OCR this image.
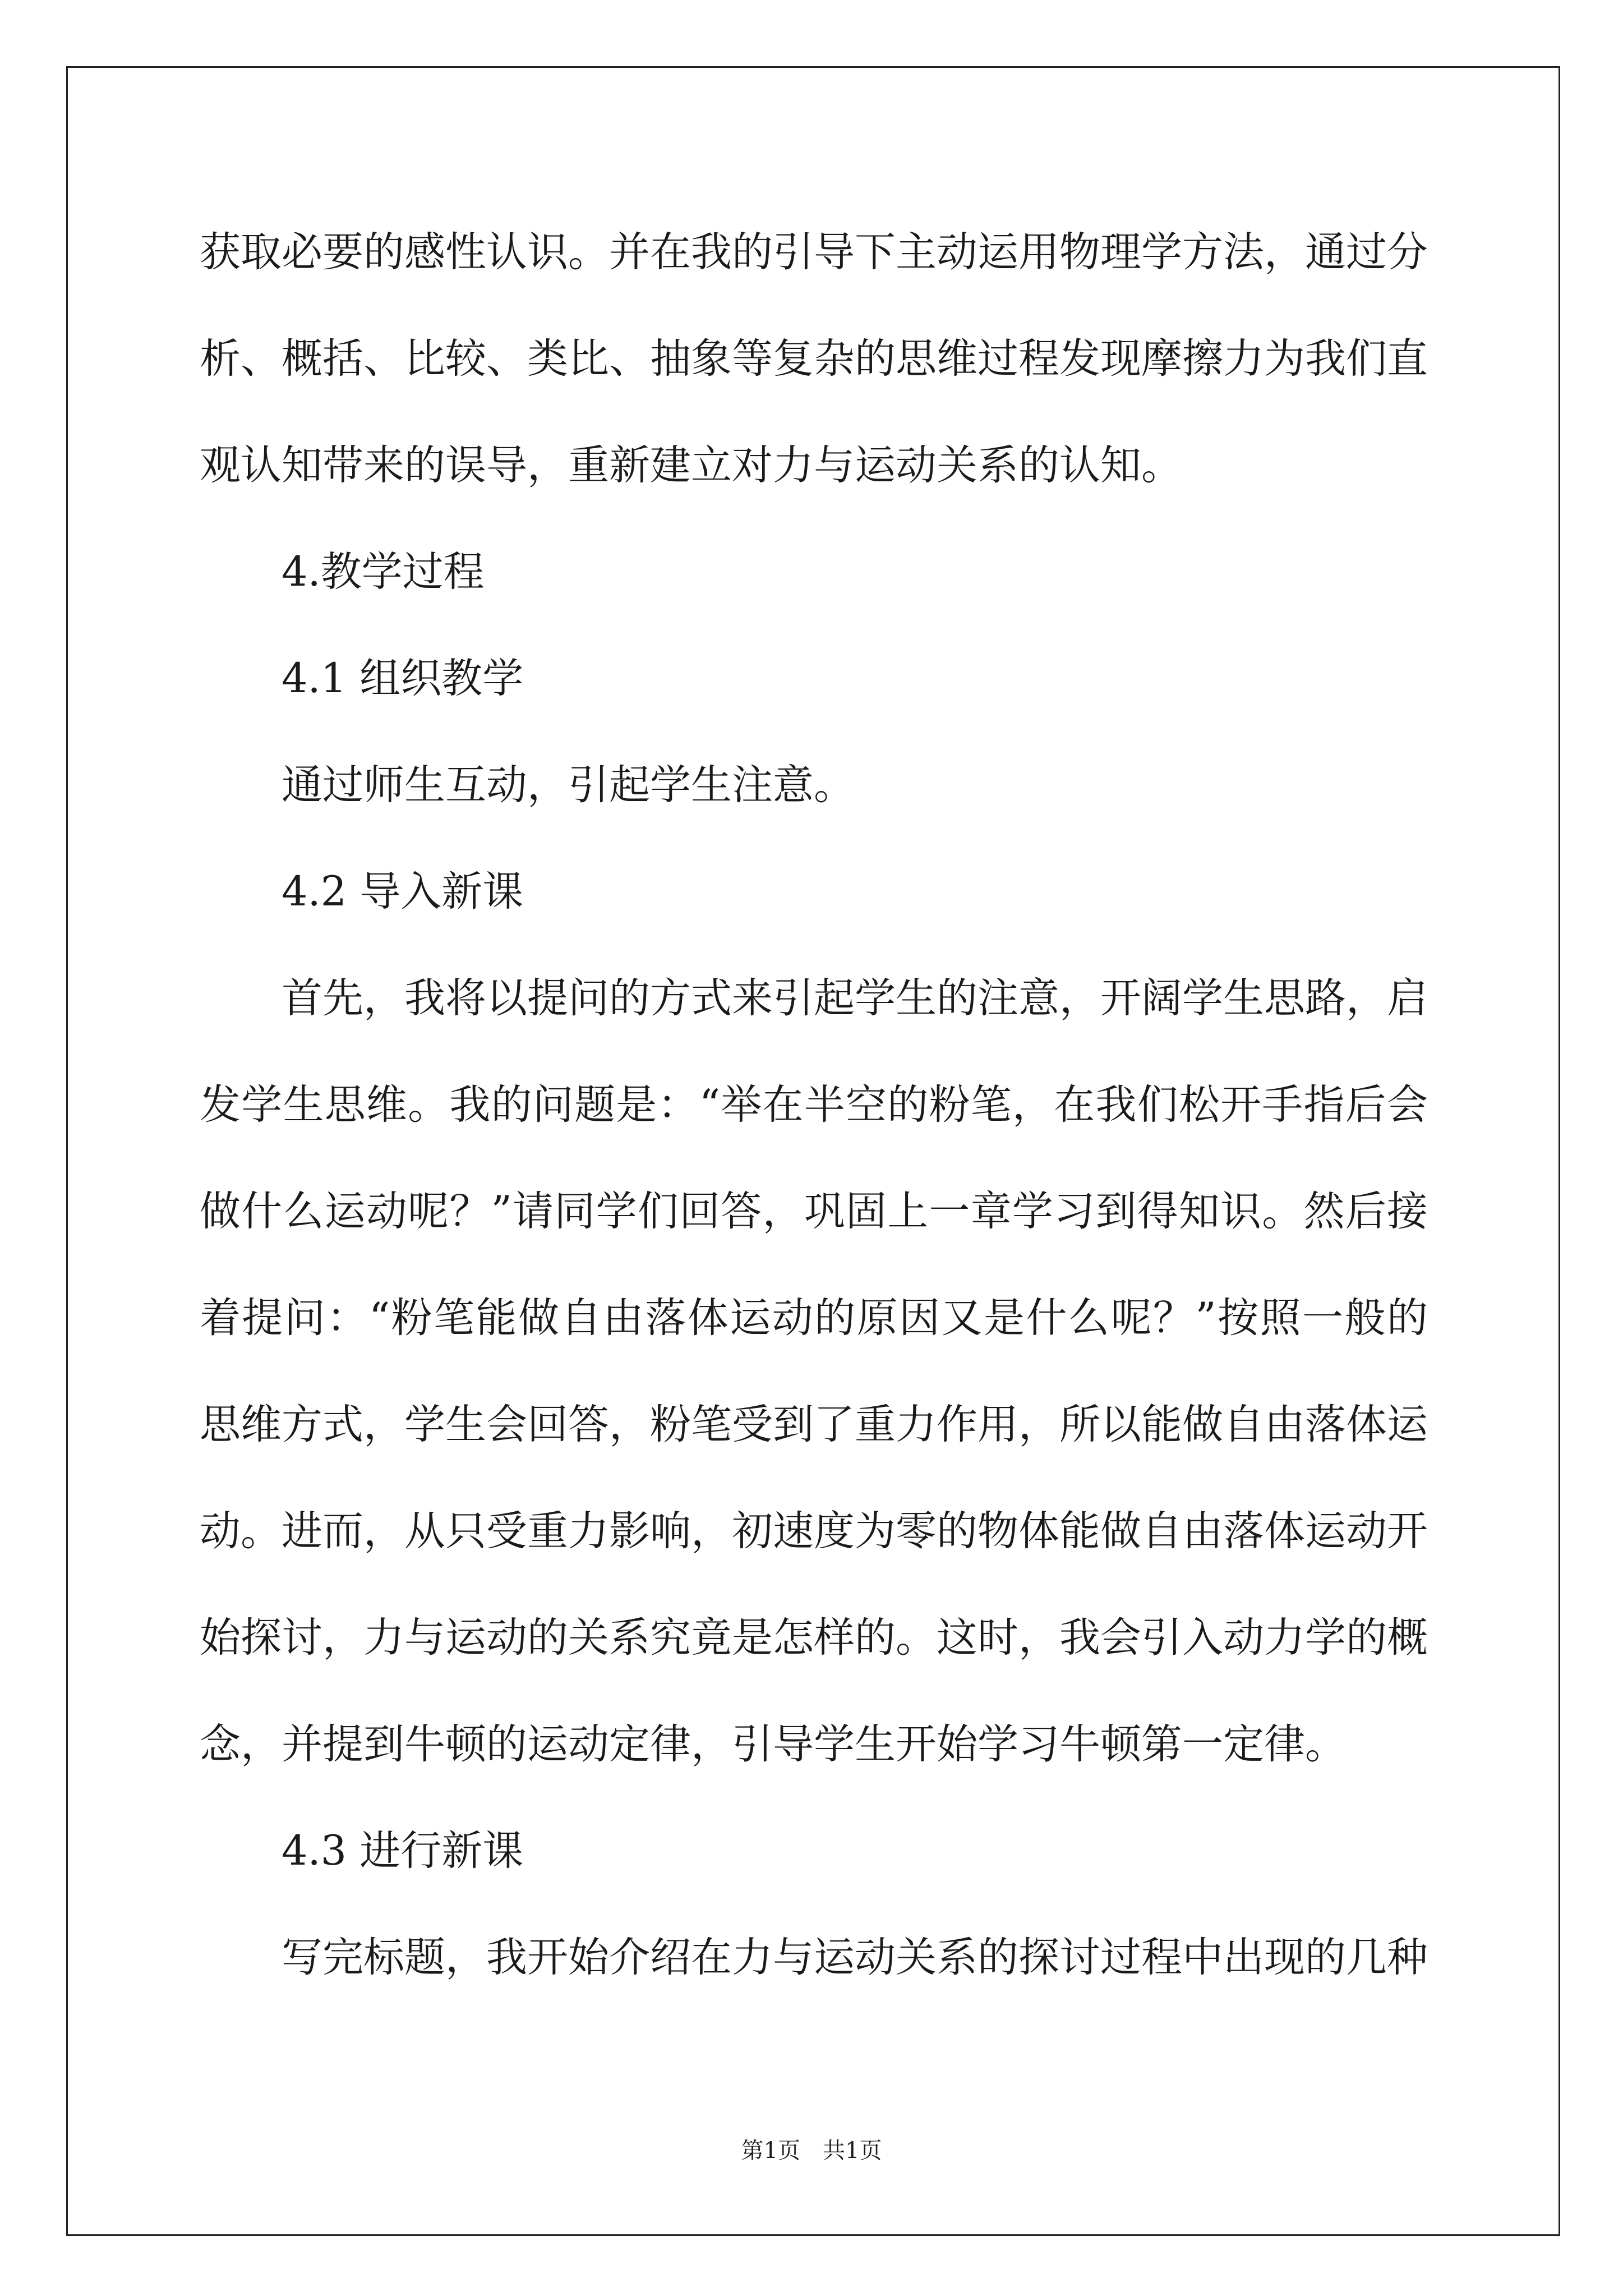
获取必要的感性认识。并在我的引导下主动运用物理学方法，通过分
析、概括、比较、类比、抽象等复杂的思维过程发现摩擦力为我们直
观认知带来的误导，重新建立对力与运动关系的认知。
4.教学过程
4.1 组织教学
通过师生互动，引起学生注意。
4.2 导入新课
首先，我将以提问的方式来引起学生的注意，开阔学生思路，启
发学生思维。我的问题是：“举在半空的粉笔，在我们松开手指后会
做什么运动呢？”请同学们回答，巩固上一章学习到得知识。然后接
着提问：“粉笔能做自由落体运动的原因又是什么呢？”按照一般的
思维方式，学生会回答，粉笔受到了重力作用，所以能做自由落体运
动。进而，从只受重力影响，初速度为零的物体能做自由落体运动开
始探讨，力与运动的关系究竟是怎样的。这时，我会引入动力学的概
念，并提到牛顿的运动定律，引导学生开始学习牛顿第一定律。
4.3 进行新课
写完标题，我开始介绍在力与运动关系的探讨过程中出现的几种
第1页　共1页
